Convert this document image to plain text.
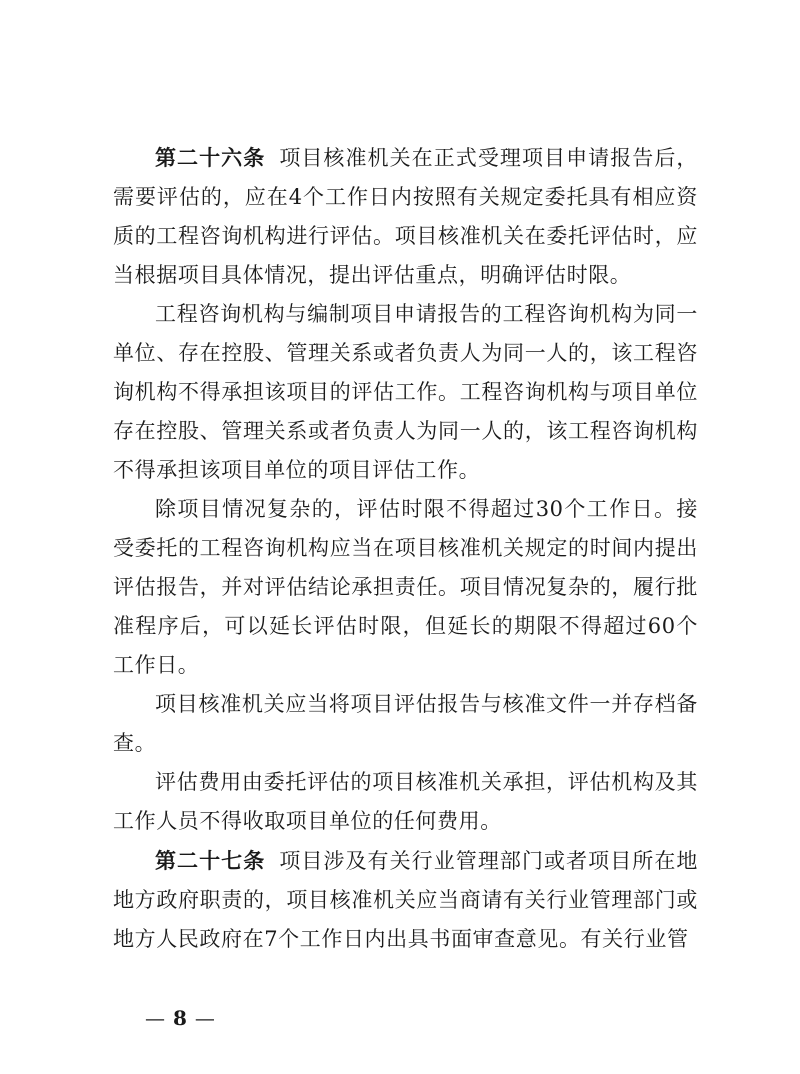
第二十六条 项目核准机关在正式受理项目申请报告后，需要评估的，应在4个工作日内按照有关规定委托具有相应资质的工程咨询机构进行评估。项目核准机关在委托评估时，应当根据项目具体情况，提出评估重点，明确评估时限。

工程咨询机构与编制项目申请报告的工程咨询机构为同一单位、存在控股、管理关系或者负责人为同一人的，该工程咨询机构不得承担该项目的评估工作。工程咨询机构与项目单位存在控股、管理关系或者负责人为同一人的，该工程咨询机构不得承担该项目单位的项目评估工作。

除项目情况复杂的，评估时限不得超过30个工作日。接受委托的工程咨询机构应当在项目核准机关规定的时间内提出评估报告，并对评估结论承担责任。项目情况复杂的，履行批准程序后，可以延长评估时限，但延长的期限不得超过60个工作日。

项目核准机关应当将项目评估报告与核准文件一并存档备查。

评估费用由委托评估的项目核准机关承担，评估机构及其工作人员不得收取项目单位的任何费用。

第二十七条 项目涉及有关行业管理部门或者项目所在地地方政府职责的，项目核准机关应当商请有关行业管理部门或地方人民政府在7个工作日内出具书面审查意见。有关行业管

— 8 —
